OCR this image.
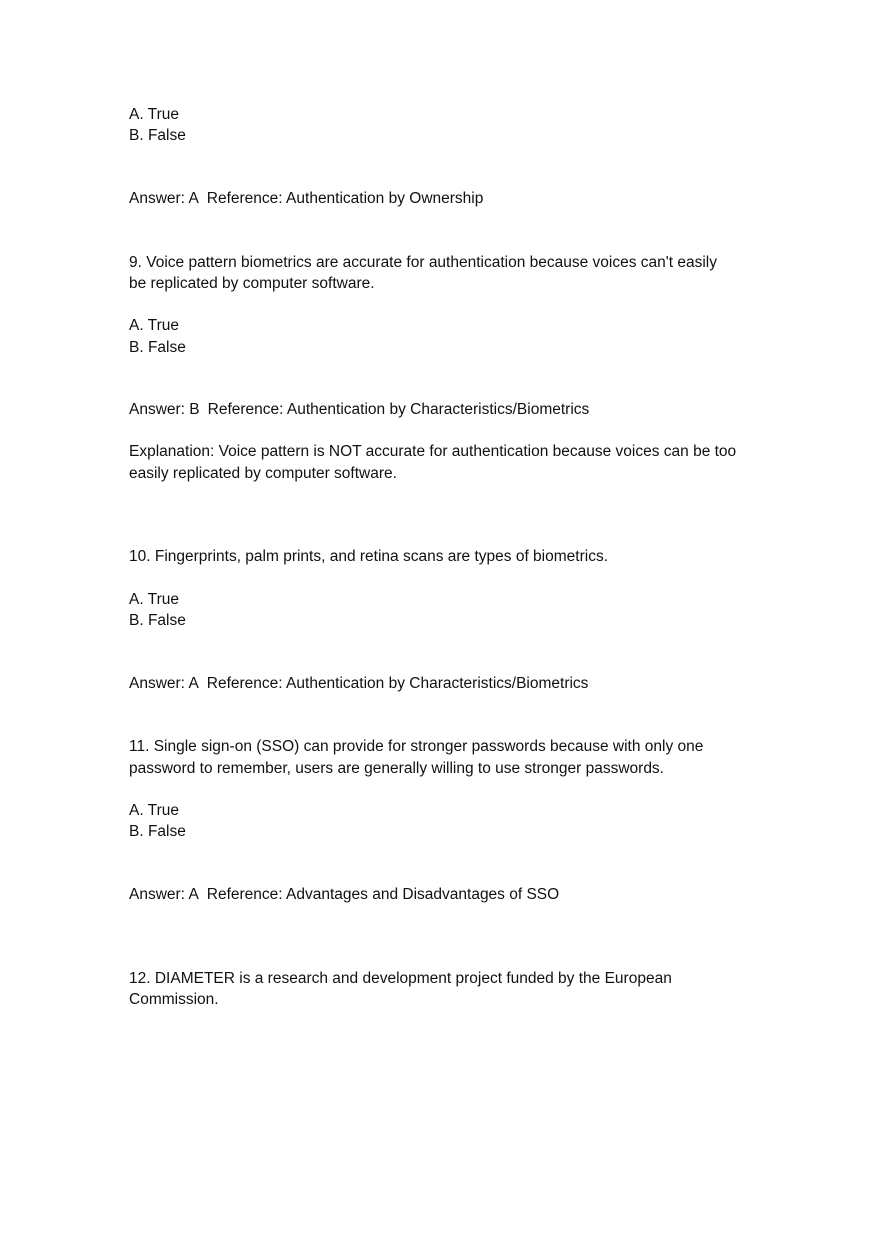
A. True
B. False
Answer: A Reference: Authentication by Ownership
9. Voice pattern biometrics are accurate for authentication because voices can't easily
be replicated by computer software.
A. True
B. False
Answer: B Reference: Authentication by Characteristics/Biometrics
Explanation: Voice pattern is NOT accurate for authentication because voices can be too
easily replicated by computer software.
10. Fingerprints, palm prints, and retina scans are types of biometrics.
A. True
B. False
Answer: A Reference: Authentication by Characteristics/Biometrics
11. Single sign-on (SSO) can provide for stronger passwords because with only one
password to remember, users are generally willing to use stronger passwords.
A. True
B. False
Answer: A Reference: Advantages and Disadvantages of SSO
12. DIAMETER is a research and development project funded by the European
Commission.
